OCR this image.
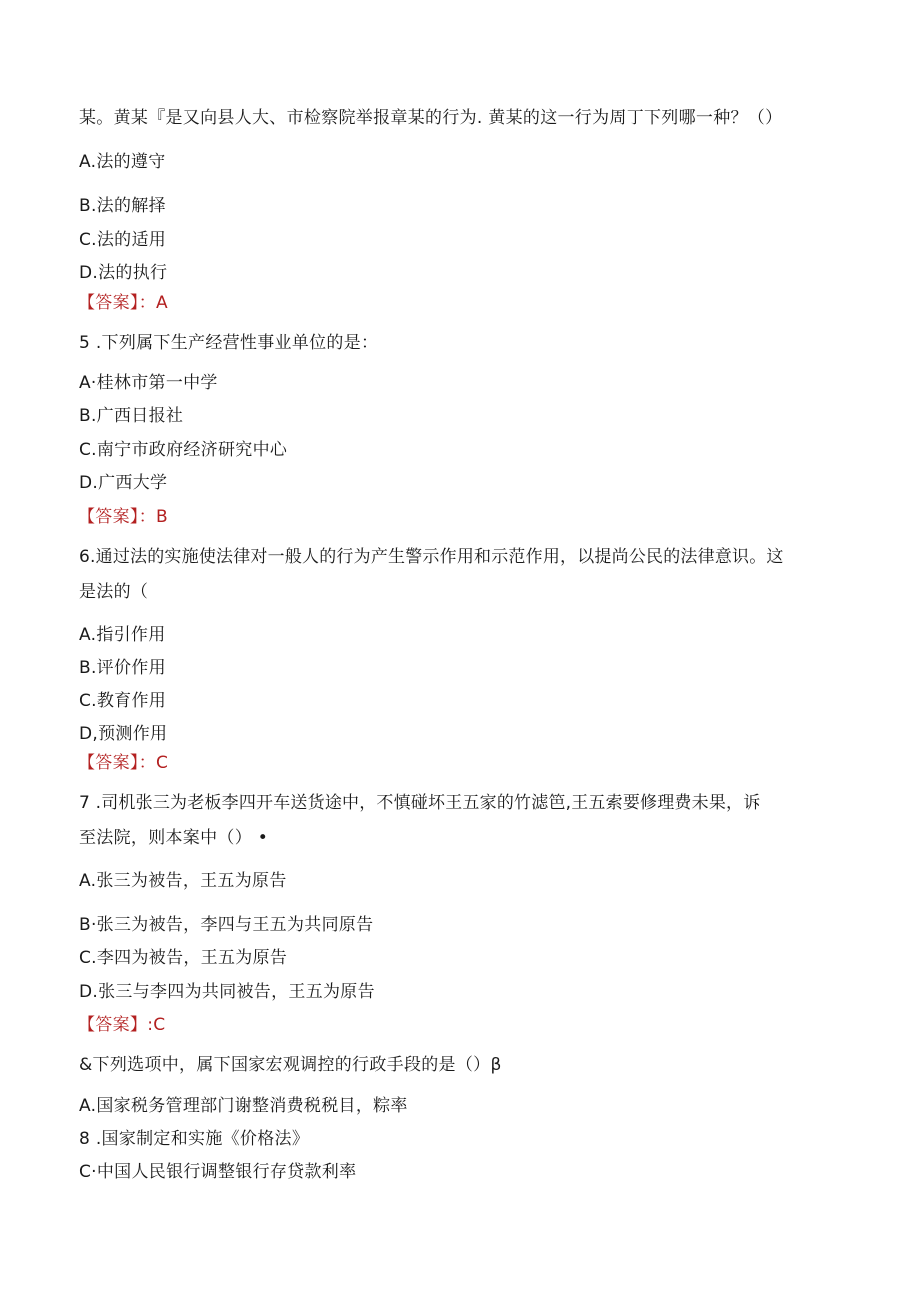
某。黄某『是又向县人大、市检察院举报章某的行为. 黄某的这一行为周丁下列哪一种？（）
A.法的遵守
B.法的解择
C.法的适用
D.法的执行
【答案】：A
5 .下列属下生产经营性事业单位的是：
A·桂林市第一中学
B.广西日报社
C.南宁市政府经济研究中心
D.广西大学
【答案】：B
6.通过法的实施使法律对一般人的行为产生警示作用和示范作用，以提尚公民的法律意识。这
是法的（
A.指引作用
B.评价作用
C.教育作用
D,预测作用
【答案】：C
7 .司机张三为老板李四开车送货途中，不慎碰坏王五家的竹滤笆,王五索要修理费未果，诉
至法院，则本案中（） •
A.张三为被告，王五为原告
B·张三为被告，李四与王五为共同原告
C.李四为被告，王五为原告
D.张三与李四为共同被告，王五为原告
【答案】:C
&下列选项中，属下国家宏观调控的行政手段的是（）β
A.国家税务管理部门谢整消费税税目，粽率
8 .国家制定和实施《价格法》
C·中国人民银行调整银行存贷款利率
